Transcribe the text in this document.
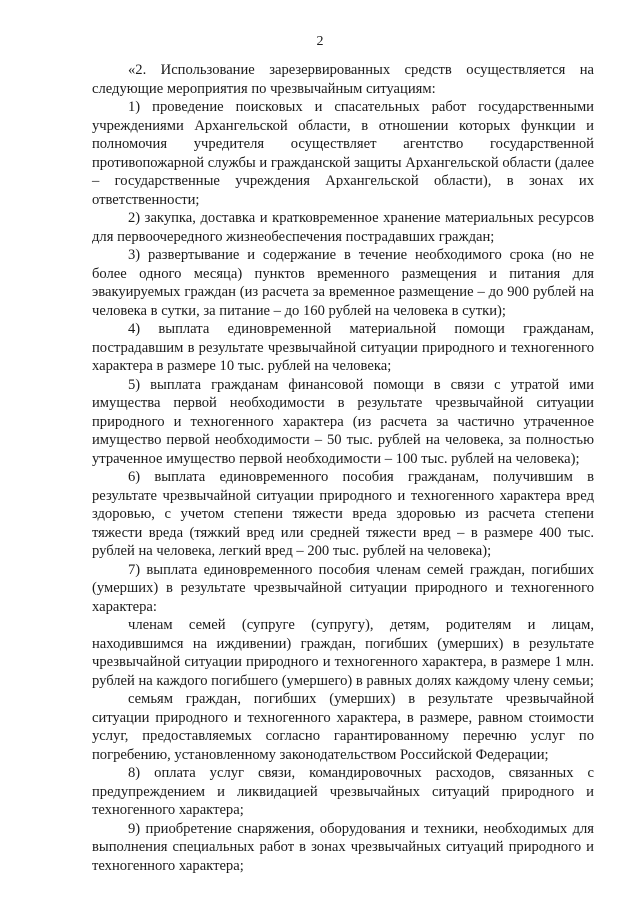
2

«2. Использование зарезервированных средств осуществляется на следующие мероприятия по чрезвычайным ситуациям:

1) проведение поисковых и спасательных работ государственными учреждениями Архангельской области, в отношении которых функции и полномочия учредителя осуществляет агентство государственной противопожарной службы и гражданской защиты Архангельской области (далее – государственные учреждения Архангельской области), в зонах их ответственности;

2) закупка, доставка и кратковременное хранение материальных ресурсов для первоочередного жизнеобеспечения пострадавших граждан;

3) развертывание и содержание в течение необходимого срока (но не более одного месяца) пунктов временного размещения и питания для эвакуируемых граждан (из расчета за временное размещение – до 900 рублей на человека в сутки, за питание – до 160 рублей на человека в сутки);

4) выплата единовременной материальной помощи гражданам, пострадавшим в результате чрезвычайной ситуации природного и техногенного характера в размере 10 тыс. рублей на человека;

5) выплата гражданам финансовой помощи в связи с утратой ими имущества первой необходимости в результате чрезвычайной ситуации природного и техногенного характера (из расчета за частично утраченное имущество первой необходимости – 50 тыс. рублей на человека, за полностью утраченное имущество первой необходимости – 100 тыс. рублей на человека);

6) выплата единовременного пособия гражданам, получившим в результате чрезвычайной ситуации природного и техногенного характера вред здоровью, с учетом степени тяжести вреда здоровью из расчета степени тяжести вреда (тяжкий вред или средней тяжести вред – в размере 400 тыс. рублей на человека, легкий вред – 200 тыс. рублей на человека);

7) выплата единовременного пособия членам семей граждан, погибших (умерших) в результате чрезвычайной ситуации природного и техногенного характера:

членам семей (супруге (супругу), детям, родителям и лицам, находившимся на иждивении) граждан, погибших (умерших) в результате чрезвычайной ситуации природного и техногенного характера, в размере 1 млн. рублей на каждого погибшего (умершего) в равных долях каждому члену семьи;

семьям граждан, погибших (умерших) в результате чрезвычайной ситуации природного и техногенного характера, в размере, равном стоимости услуг, предоставляемых согласно гарантированному перечню услуг по погребению, установленному законодательством Российской Федерации;

8) оплата услуг связи, командировочных расходов, связанных с предупреждением и ликвидацией чрезвычайных ситуаций природного и техногенного характера;

9) приобретение снаряжения, оборудования и техники, необходимых для выполнения специальных работ в зонах чрезвычайных ситуаций природного и техногенного характера;
